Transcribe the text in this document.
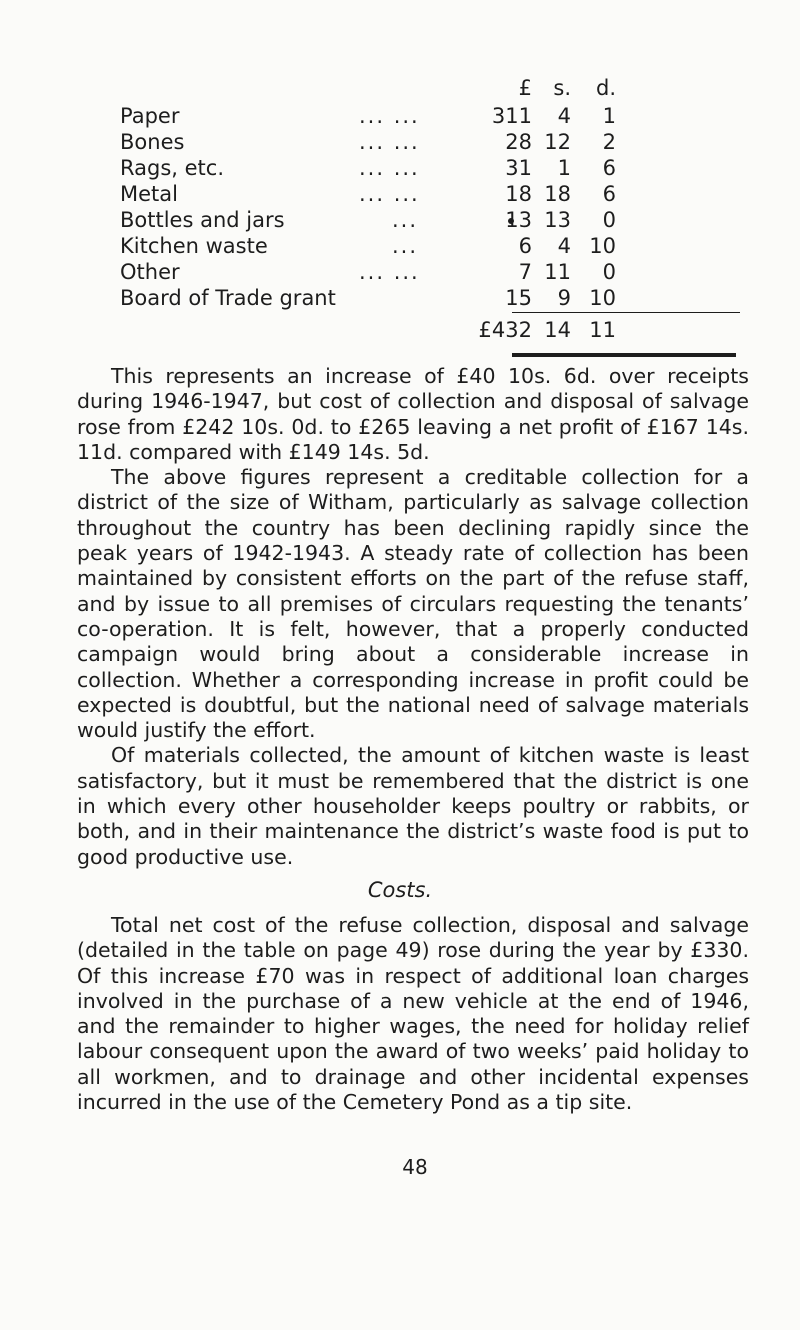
£ s. d.
Paper	... ...	311 4 1
Bones	... ...	28 12 2
Rags, etc.	... ...	31 1 6
Metal	... ...	18 18 6
Bottles and jars	...	13 13 0
Kitchen waste	...	6 4 10
Other	... ...	7 11 0
Board of Trade grant	15 9 10
£432 14 11

This represents an increase of £40 10s. 6d. over receipts during 1946-1947, but cost of collection and disposal of salvage rose from £242 10s. 0d. to £265 leaving a net profit of £167 14s. 11d. compared with £149 14s. 5d.

The above figures represent a creditable collection for a district of the size of Witham, particularly as salvage collection throughout the country has been declining rapidly since the peak years of 1942-1943. A steady rate of collection has been maintained by consistent efforts on the part of the refuse staff, and by issue to all premises of circulars requesting the tenants’ co-operation. It is felt, however, that a properly conducted campaign would bring about a considerable increase in collection. Whether a corresponding increase in profit could be expected is doubtful, but the national need of salvage materials would justify the effort.

Of materials collected, the amount of kitchen waste is least satisfactory, but it must be remembered that the district is one in which every other householder keeps poultry or rabbits, or both, and in their maintenance the district’s waste food is put to good productive use.

Costs.

Total net cost of the refuse collection, disposal and salvage (detailed in the table on page 49) rose during the year by £330. Of this increase £70 was in respect of additional loan charges involved in the purchase of a new vehicle at the end of 1946, and the remainder to higher wages, the need for holiday relief labour consequent upon the award of two weeks’ paid holiday to all workmen, and to drainage and other incidental expenses incurred in the use of the Cemetery Pond as a tip site.

48
